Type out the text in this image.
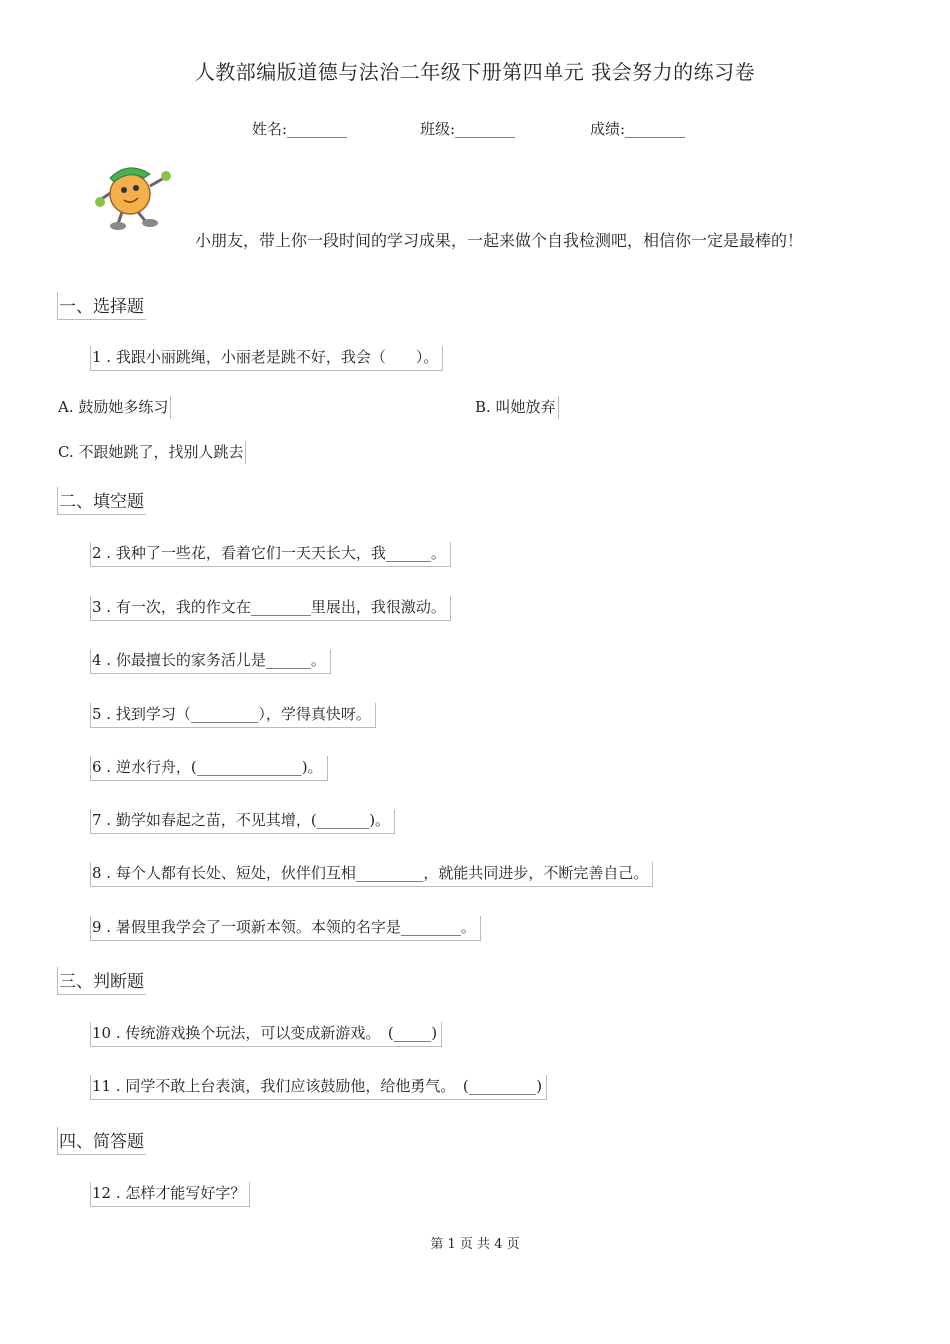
人教部编版道德与法治二年级下册第四单元 我会努力的练习卷
姓名:________	班级:________	成绩:________
小朋友，带上你一段时间的学习成果，一起来做个自我检测吧，相信你一定是最棒的！
一、选择题
1 . 我跟小丽跳绳，小丽老是跳不好，我会（　　）。
A. 鼓励她多练习	B. 叫她放弃
C. 不跟她跳了，找别人跳去
二、填空题
2 . 我种了一些花，看着它们一天天长大，我______。
3 . 有一次，我的作文在________里展出，我很激动。
4 . 你最擅长的家务活儿是______。
5 . 找到学习（_________），学得真快呀。
6 . 逆水行舟，(______________)。
7 . 勤学如春起之苗，不见其增，(_______)。
8 . 每个人都有长处、短处，伙伴们互相_________，就能共同进步，不断完善自己。
9 . 暑假里我学会了一项新本领。本领的名字是________。
三、判断题
10 . 传统游戏换个玩法，可以变成新游戏。　(_____)
11 . 同学不敢上台表演，我们应该鼓励他，给他勇气。　(_________)
四、简答题
12 . 怎样才能写好字？
第 1 页 共 4 页
